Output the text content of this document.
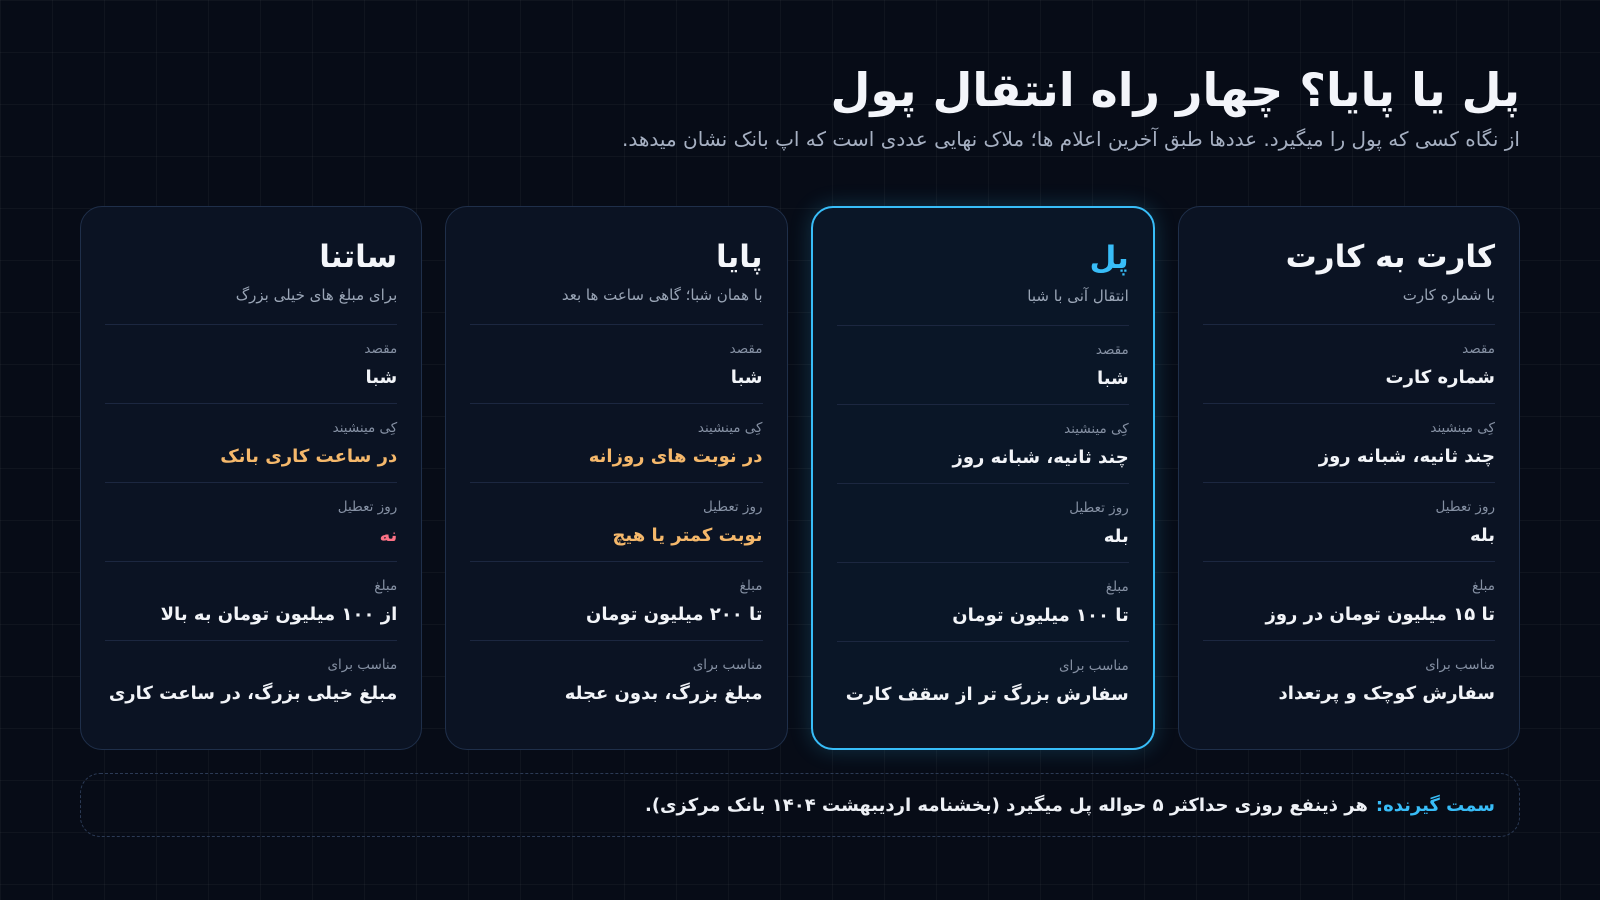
پل یا پایا؟ چهار راه انتقال پول

از نگاه کسی که پول را میگیرد. عددها طبق آخرین اعلام ها؛ ملاک نهایی عددی است که اپ بانک نشان میدهد.

کارت به کارت
با شماره کارت
مقصد
شماره کارت
کِی مینشیند
چند ثانیه، شبانه روز
روز تعطیل
بله
مبلغ
تا ۱۵ میلیون تومان در روز
مناسب برای
سفارش کوچک و پرتعداد
پل
انتقال آنی با شبا
مقصد
شبا
کِی مینشیند
چند ثانیه، شبانه روز
روز تعطیل
بله
مبلغ
تا ۱۰۰ میلیون تومان
مناسب برای
سفارش بزرگ تر از سقف کارت
پایا
با همان شبا؛ گاهی ساعت ها بعد
مقصد
شبا
کِی مینشیند
در نوبت های روزانه
روز تعطیل
نوبت کمتر یا هیچ
مبلغ
تا ۲۰۰ میلیون تومان
مناسب برای
مبلغ بزرگ، بدون عجله
ساتنا
برای مبلغ های خیلی بزرگ
مقصد
شبا
کِی مینشیند
در ساعت کاری بانک
روز تعطیل
نه
مبلغ
از ۱۰۰ میلیون تومان به بالا
مناسب برای
مبلغ خیلی بزرگ، در ساعت کاری
سمت گیرنده:
هر ذینفع روزی حداکثر ۵ حواله پل میگیرد (بخشنامه اردیبهشت ۱۴۰۴ بانک مرکزی).
